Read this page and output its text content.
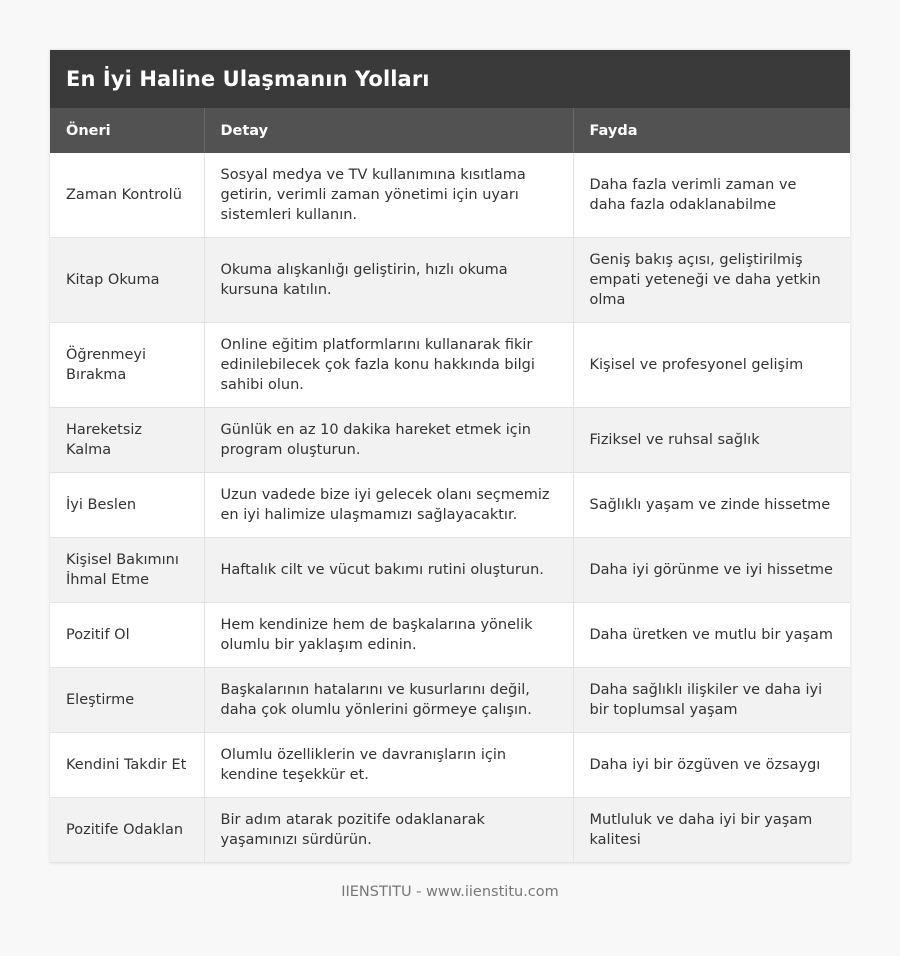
En İyi Haline Ulaşmanın Yolları
Öneri	Detay	Fayda
Zaman Kontrolü	Sosyal medya ve TV kullanımına kısıtlama getirin, verimli zaman yönetimi için uyarı sistemleri kullanın.	Daha fazla verimli zaman ve daha fazla odaklanabilme
Kitap Okuma	Okuma alışkanlığı geliştirin, hızlı okuma kursuna katılın.	Geniş bakış açısı, geliştirilmiş empati yeteneği ve daha yetkin olma
Öğrenmeyi Bırakma	Online eğitim platformlarını kullanarak fikir edinilebilecek çok fazla konu hakkında bilgi sahibi olun.	Kişisel ve profesyonel gelişim
Hareketsiz Kalma	Günlük en az 10 dakika hareket etmek için program oluşturun.	Fiziksel ve ruhsal sağlık
İyi Beslen	Uzun vadede bize iyi gelecek olanı seçmemiz en iyi halimize ulaşmamızı sağlayacaktır.	Sağlıklı yaşam ve zinde hissetme
Kişisel Bakımını İhmal Etme	Haftalık cilt ve vücut bakımı rutini oluşturun.	Daha iyi görünme ve iyi hissetme
Pozitif Ol	Hem kendinize hem de başkalarına yönelik olumlu bir yaklaşım edinin.	Daha üretken ve mutlu bir yaşam
Eleştirme	Başkalarının hatalarını ve kusurlarını değil, daha çok olumlu yönlerini görmeye çalışın.	Daha sağlıklı ilişkiler ve daha iyi bir toplumsal yaşam
Kendini Takdir Et	Olumlu özelliklerin ve davranışların için kendine teşekkür et.	Daha iyi bir özgüven ve özsaygı
Pozitife Odaklan	Bir adım atarak pozitife odaklanarak yaşamınızı sürdürün.	Mutluluk ve daha iyi bir yaşam kalitesi
IIENSTITU - www.iienstitu.com
